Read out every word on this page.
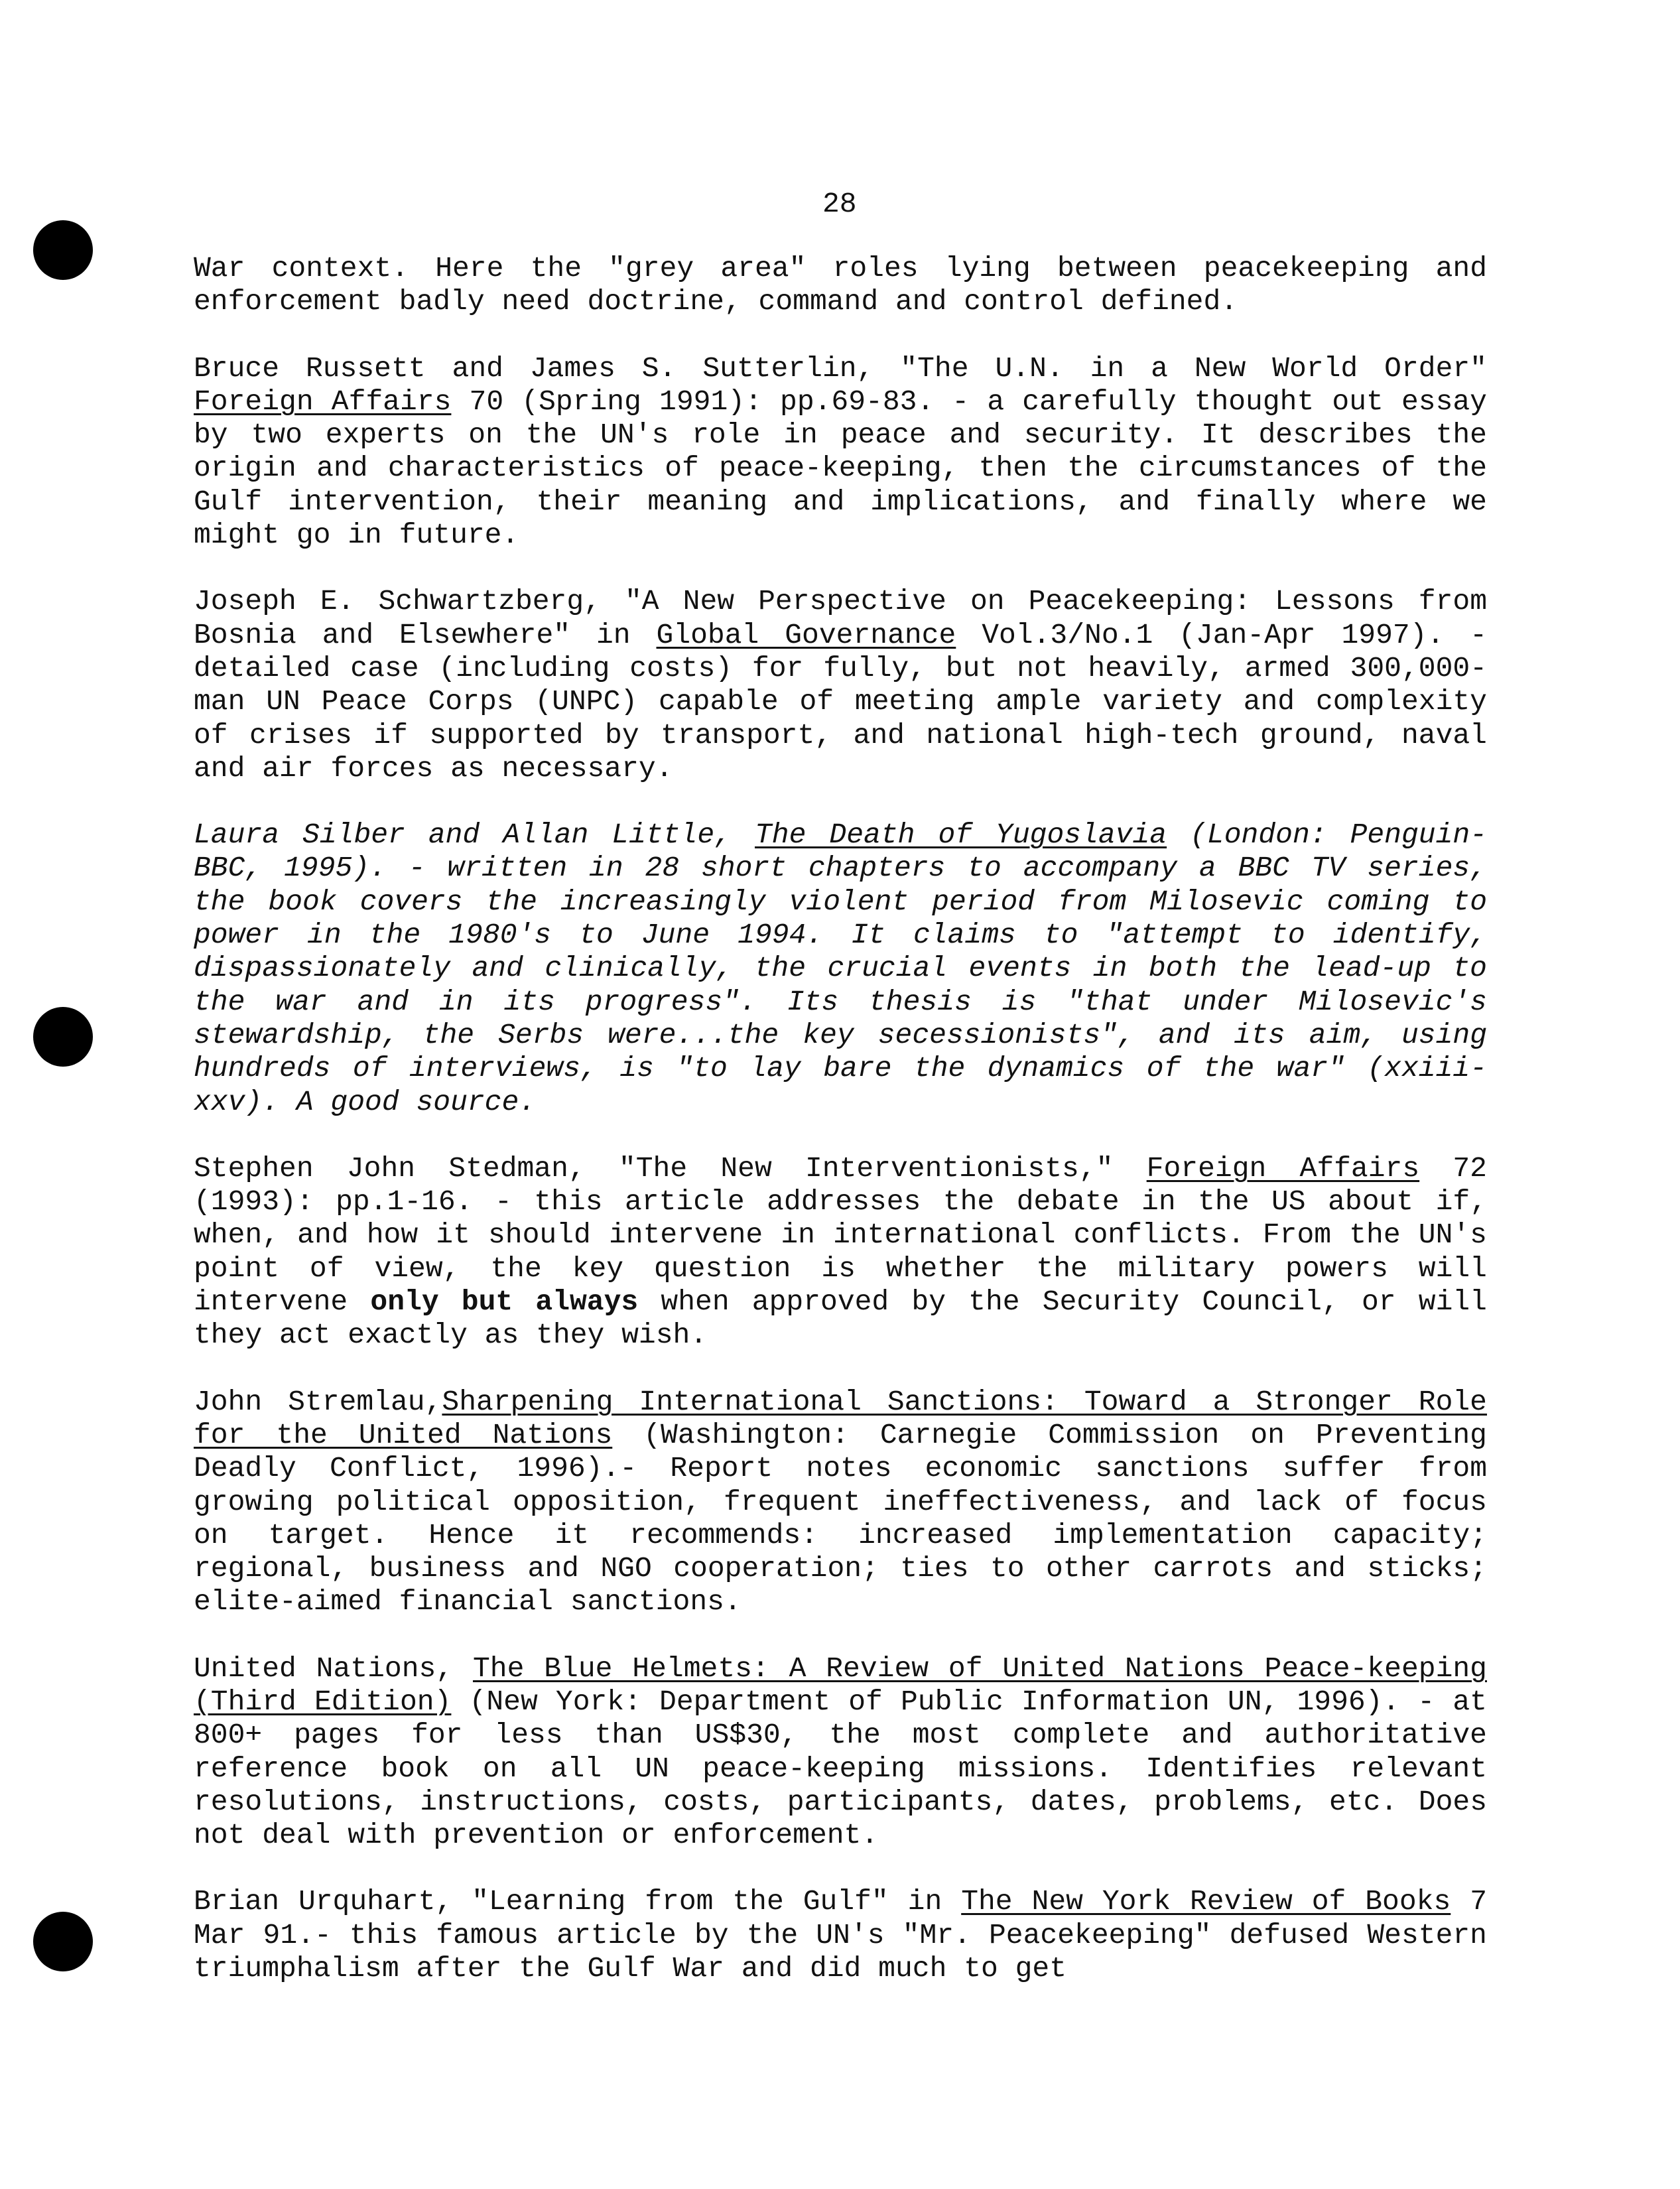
28

War context. Here the "grey area" roles lying between peacekeeping and enforcement badly need doctrine, command and control defined.

Bruce Russett and James S. Sutterlin, "The U.N. in a New World Order" Foreign Affairs 70 (Spring 1991): pp.69-83. - a carefully thought out essay by two experts on the UN's role in peace and security. It describes the origin and characteristics of peace-keeping, then the circumstances of the Gulf intervention, their meaning and implications, and finally where we might go in future.

Joseph E. Schwartzberg, "A New Perspective on Peacekeeping: Lessons from Bosnia and Elsewhere" in Global Governance Vol.3/No.1 (Jan-Apr 1997). - detailed case (including costs) for fully, but not heavily, armed 300,000-man UN Peace Corps (UNPC) capable of meeting ample variety and complexity of crises if supported by transport, and national high-tech ground, naval and air forces as necessary.

Laura Silber and Allan Little, The Death of Yugoslavia (London: Penguin-BBC, 1995). - written in 28 short chapters to accompany a BBC TV series, the book covers the increasingly violent period from Milosevic coming to power in the 1980's to June 1994. It claims to "attempt to identify, dispassionately and clinically, the crucial events in both the lead-up to the war and in its progress". Its thesis is "that under Milosevic's stewardship, the Serbs were...the key secessionists", and its aim, using hundreds of interviews, is "to lay bare the dynamics of the war" (xxiii-xxv). A good source.

Stephen John Stedman, "The New Interventionists," Foreign Affairs 72 (1993): pp.1-16. - this article addresses the debate in the US about if, when, and how it should intervene in international conflicts. From the UN's point of view, the key question is whether the military powers will intervene only but always when approved by the Security Council, or will they act exactly as they wish.

John Stremlau,Sharpening International Sanctions: Toward a Stronger Role for the United Nations (Washington: Carnegie Commission on Preventing Deadly Conflict, 1996).- Report notes economic sanctions suffer from growing political opposition, frequent ineffectiveness, and lack of focus on target. Hence it recommends: increased implementation capacity; regional, business and NGO cooperation; ties to other carrots and sticks; elite-aimed financial sanctions.

United Nations, The Blue Helmets: A Review of United Nations Peace-keeping (Third Edition) (New York: Department of Public Information UN, 1996). - at 800+ pages for less than US$30, the most complete and authoritative reference book on all UN peace-keeping missions. Identifies relevant resolutions, instructions, costs, participants, dates, problems, etc. Does not deal with prevention or enforcement.

Brian Urquhart, "Learning from the Gulf" in The New York Review of Books 7 Mar 91.- this famous article by the UN's "Mr. Peacekeeping" defused Western triumphalism after the Gulf War and did much to get
